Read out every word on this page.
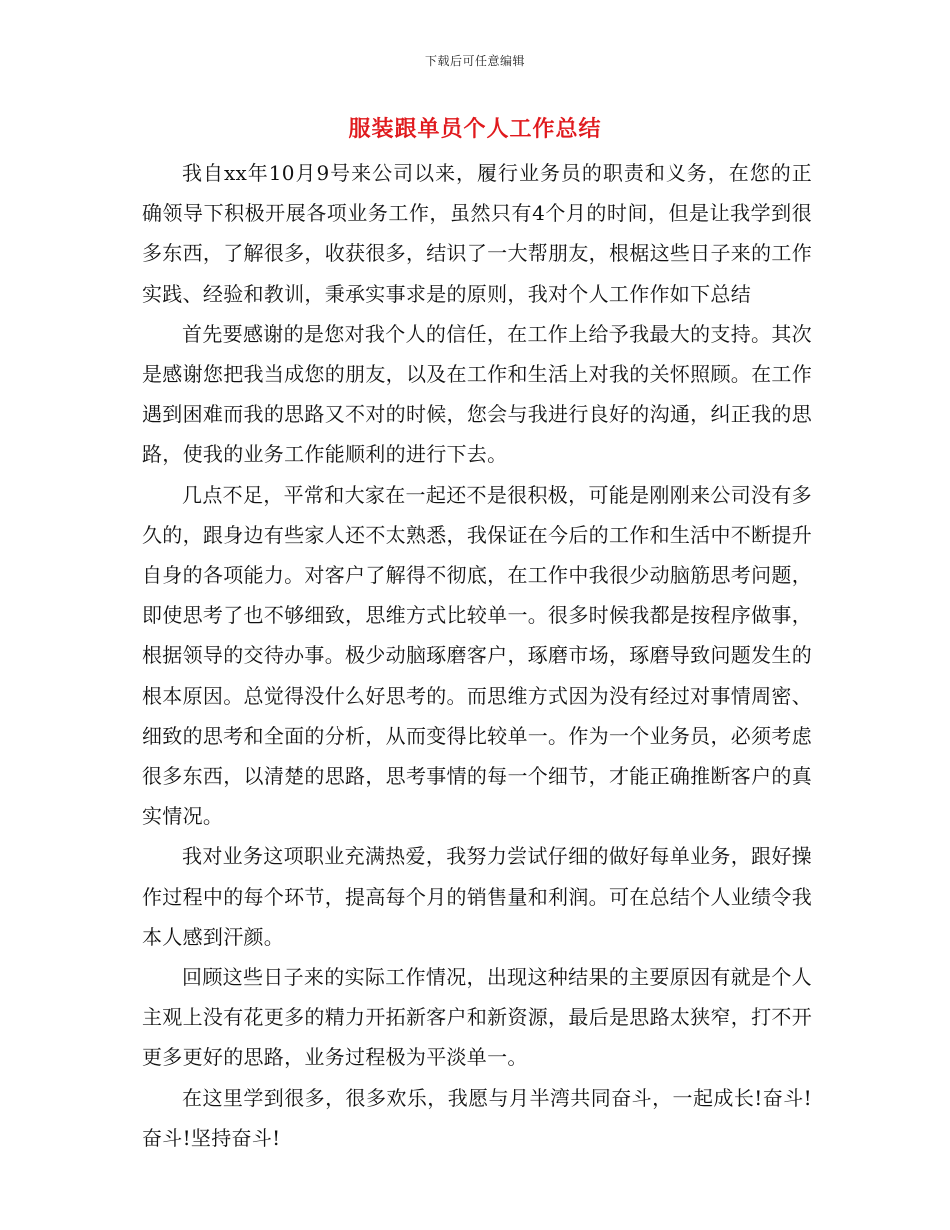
下载后可任意编辑
服装跟单员个人工作总结

我自xx年10月9号来公司以来，履行业务员的职责和义务，在您的正确领导下积极开展各项业务工作，虽然只有4个月的时间，但是让我学到很多东西，了解很多，收获很多，结识了一大帮朋友，根椐这些日子来的工作实践、经验和教训，秉承实事求是的原则，我对个人工作作如下总结

首先要感谢的是您对我个人的信任，在工作上给予我最大的支持。其次是感谢您把我当成您的朋友，以及在工作和生活上对我的关怀照顾。在工作遇到困难而我的思路又不对的时候，您会与我进行良好的沟通，纠正我的思路，使我的业务工作能顺利的进行下去。

几点不足，平常和大家在一起还不是很积极，可能是刚刚来公司没有多久的，跟身边有些家人还不太熟悉，我保证在今后的工作和生活中不断提升自身的各项能力。对客户了解得不彻底，在工作中我很少动脑筋思考问题，即使思考了也不够细致，思维方式比较单一。很多时候我都是按程序做事，根据领导的交待办事。极少动脑琢磨客户，琢磨市场，琢磨导致问题发生的根本原因。总觉得没什么好思考的。而思维方式因为没有经过对事情周密、细致的思考和全面的分析，从而变得比较单一。作为一个业务员，必须考虑很多东西，以清楚的思路，思考事情的每一个细节，才能正确推断客户的真实情况。

我对业务这项职业充满热爱，我努力尝试仔细的做好每单业务，跟好操作过程中的每个环节，提高每个月的销售量和利润。可在总结个人业绩令我本人感到汗颜。

回顾这些日子来的实际工作情况，出现这种结果的主要原因有就是个人主观上没有花更多的精力开拓新客户和新资源，最后是思路太狭窄，打不开更多更好的思路，业务过程极为平淡单一。

在这里学到很多，很多欢乐，我愿与月半湾共同奋斗，一起成长!奋斗!奋斗!坚持奋斗!
